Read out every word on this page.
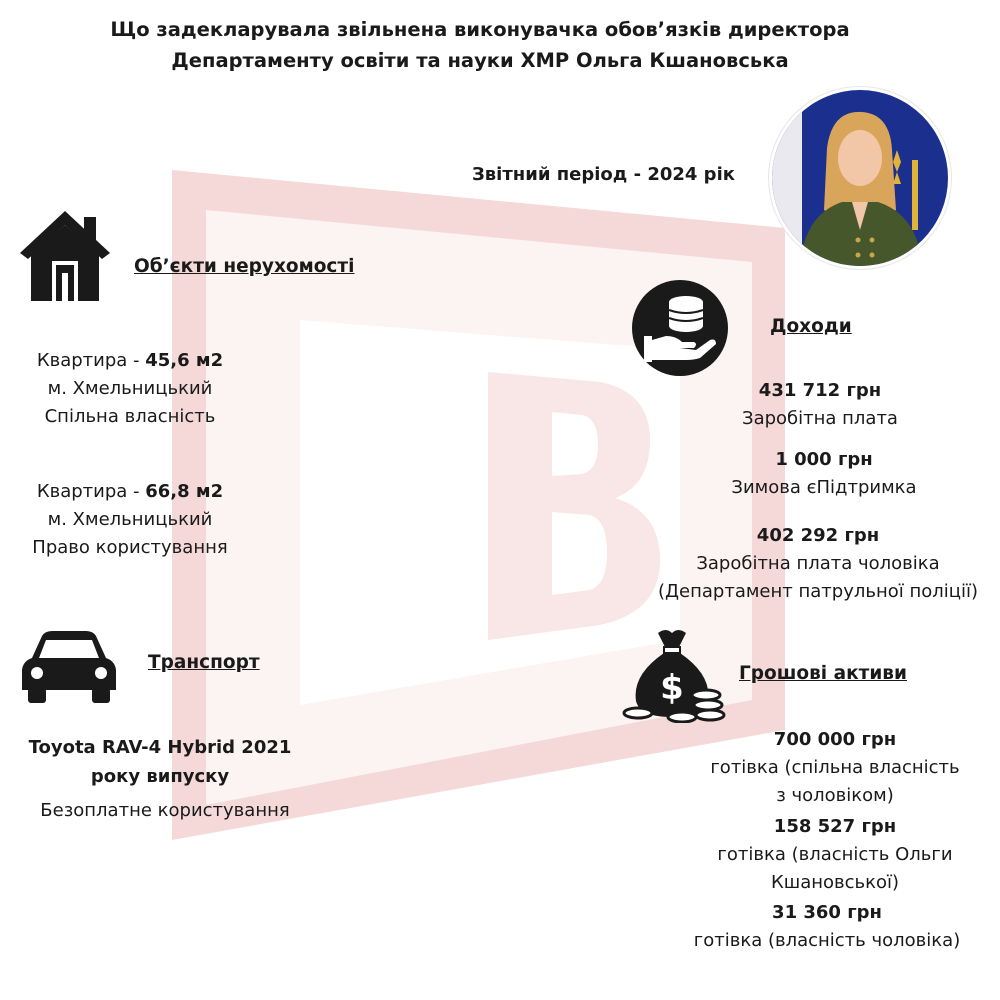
Що задекларувала звільнена виконувачка обов’язків директора
Департаменту освіти та науки ХМР Ольга Кшановська
Звітний період - 2024 рік
Об’єкти нерухомості
Квартира - 45,6 м2
м. Хмельницький
Спільна власність
Квартира - 66,8 м2
м. Хмельницький
Право користування
Транспорт
Toyota RAV-4 Hybrid 2021
року випуску
Безоплатне користування
Доходи
431 712 грн
Заробітна плата
1 000 грн
Зимова єПідтримка
402 292 грн
Заробітна плата чоловіка
(Департамент патрульної поліції)
$	Грошові активи
700 000 грн
готівка (спільна власність
з чоловіком)
158 527 грн
готівка (власність Ольги
Кшановської)
31 360 грн
готівка (власність чоловіка)
